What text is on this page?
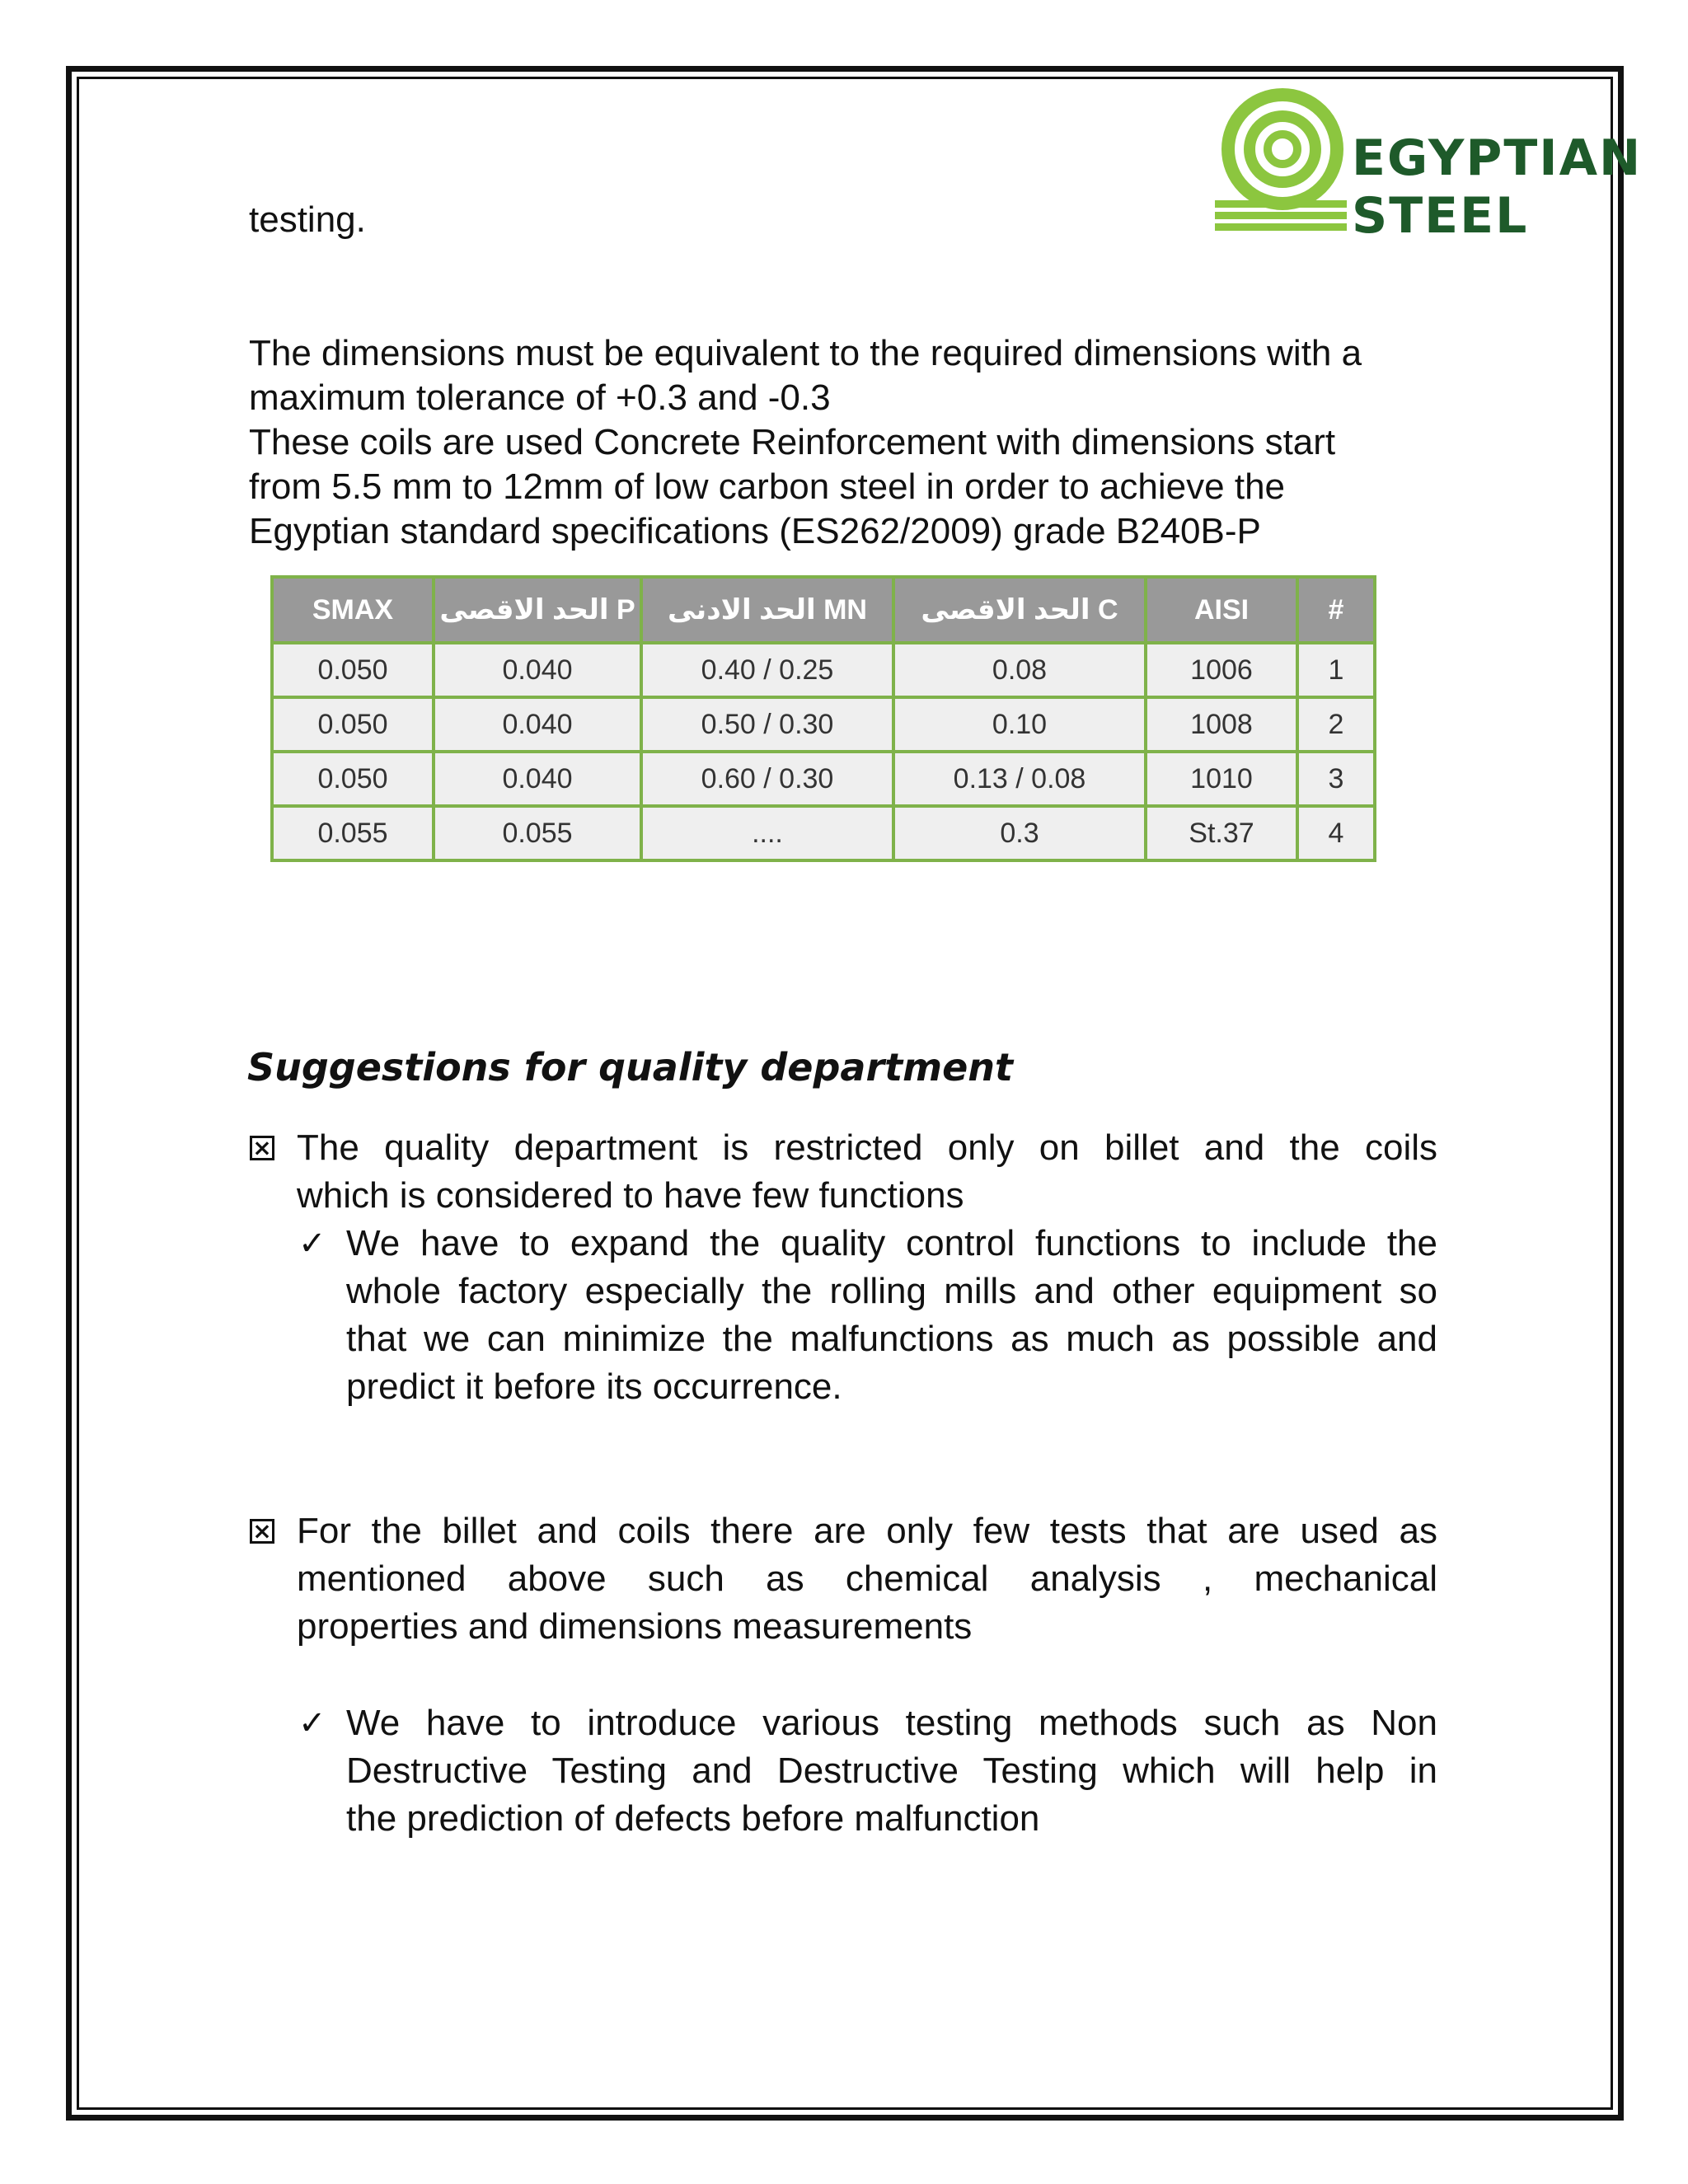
EGYPTIAN
STEEL

testing.

The dimensions must be equivalent to the required dimensions with a

maximum tolerance of +0.3 and -0.3

These coils are used Concrete Reinforcement with dimensions start

from 5.5 mm to 12mm of low carbon steel in order to achieve the

Egyptian standard specifications (ES262/2009) grade B240B-P

SMAX	P الحد الاقصى	MN الحد الادنى	C الحد الاقصى	AISI	#
0.050	0.040	0.40 / 0.25	0.08	1006	1
0.050	0.040	0.50 / 0.30	0.10	1008	2
0.050	0.040	0.60 / 0.30	0.13 / 0.08	1010	3
0.055	0.055	....	0.3	St.37	4
Suggestions for quality department
× The quality department is restricted only on billet and the coils
which is considered to have few functions
✓ We have to expand the quality control functions to include the
whole factory especially the rolling mills and other equipment so
that we can minimize the malfunctions as much as possible and
predict it before its occurrence.
× For the billet and coils there are only few tests that are used as
mentioned above such as chemical analysis , mechanical
properties and dimensions measurements
✓ We have to introduce various testing methods such as Non
Destructive Testing and Destructive Testing which will help in
the prediction of defects before malfunction
